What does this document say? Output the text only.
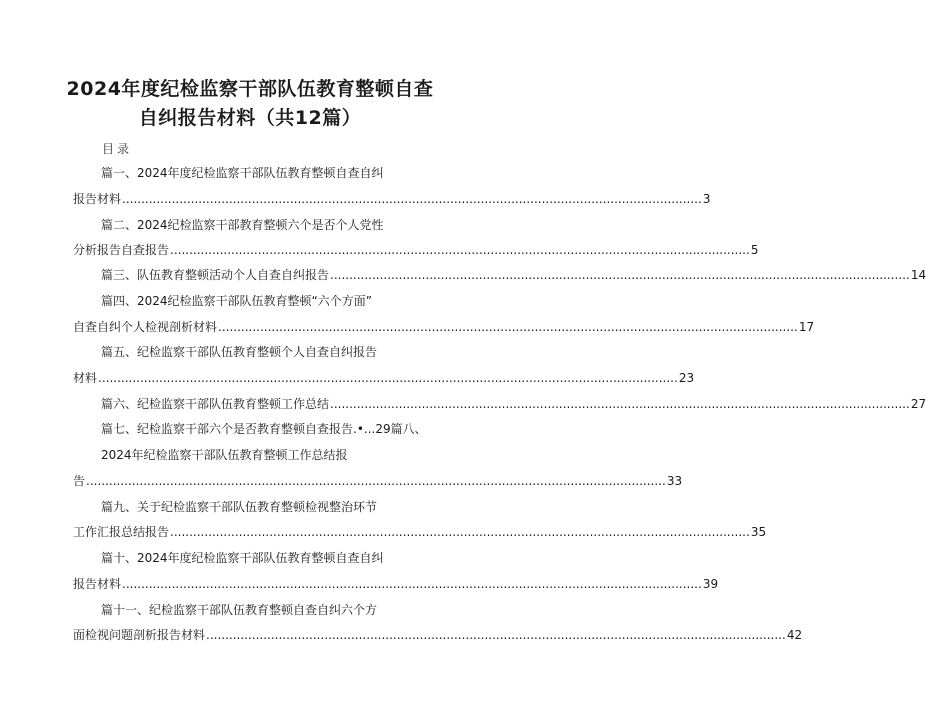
2024年度纪检监察干部队伍教育整顿自查
自纠报告材料（共12篇）
目录
篇一、2024年度纪检监察干部队伍教育整顿自查自纠
报告材料 ........................................................................................................................................................ 3
篇二、2024纪检监察干部教育整顿六个是否个人党性
分析报告自查报告 ........................................................................................................................................................ 5
篇三、队伍教育整顿活动个人自查自纠报告 ........................................................................................................................................................ 14
篇四、2024纪检监察干部队伍教育整顿“六个方面”
自查自纠个人检视剖析材料 ........................................................................................................................................................ 17
篇五、纪检监察干部队伍教育整顿个人自查自纠报告
材料 ........................................................................................................................................................ 23
篇六、纪检监察干部队伍教育整顿工作总结 ........................................................................................................................................................ 27
篇七、纪检监察干部六个是否教育整顿自查报告.•...29篇八、
2024年纪检监察干部队伍教育整顿工作总结报
告 ........................................................................................................................................................ 33
篇九、关于纪检监察干部队伍教育整顿检视整治环节
工作汇报总结报告 ........................................................................................................................................................ 35
篇十、2024年度纪检监察干部队伍教育整顿自查自纠
报告材料 ........................................................................................................................................................ 39
篇十一、纪检监察干部队伍教育整顿自查自纠六个方
面检视问题剖析报告材料 ........................................................................................................................................................ 42
